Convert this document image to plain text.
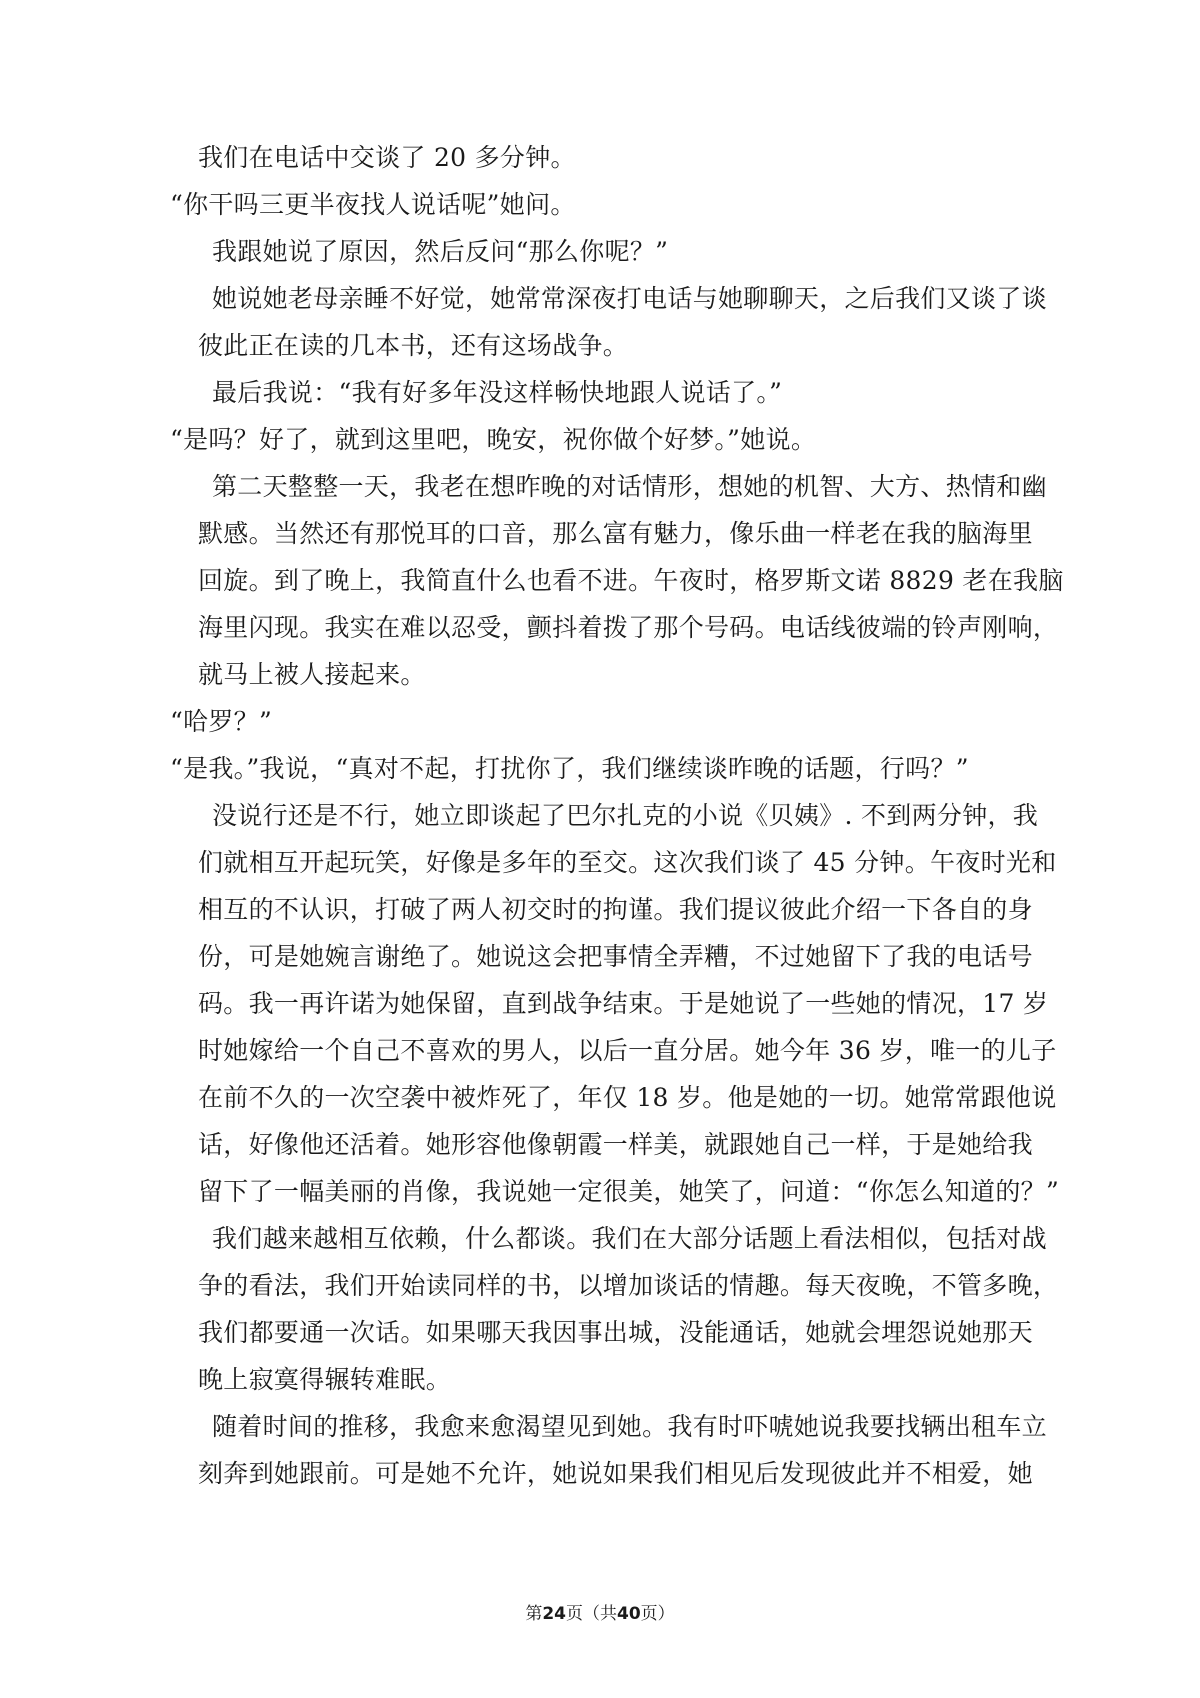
我们在电话中交谈了 20 多分钟。
“你干吗三更半夜找人说话呢”她问。
我跟她说了原因，然后反问“那么你呢？”
她说她老母亲睡不好觉，她常常深夜打电话与她聊聊天，之后我们又谈了谈
彼此正在读的几本书，还有这场战争。
最后我说：“我有好多年没这样畅快地跟人说话了。”
“是吗？好了，就到这里吧，晚安，祝你做个好梦。”她说。
第二天整整一天，我老在想昨晚的对话情形，想她的机智、大方、热情和幽
默感。当然还有那悦耳的口音，那么富有魅力，像乐曲一样老在我的脑海里
回旋。到了晚上，我简直什么也看不进。午夜时，格罗斯文诺 8829 老在我脑
海里闪现。我实在难以忍受，颤抖着拨了那个号码。电话线彼端的铃声刚响，
就马上被人接起来。
“哈罗？”
“是我。”我说，“真对不起，打扰你了，我们继续谈昨晚的话题，行吗？”
没说行还是不行，她立即谈起了巴尔扎克的小说《贝姨》. 不到两分钟，我
们就相互开起玩笑，好像是多年的至交。这次我们谈了 45 分钟。午夜时光和
相互的不认识，打破了两人初交时的拘谨。我们提议彼此介绍一下各自的身
份，可是她婉言谢绝了。她说这会把事情全弄糟，不过她留下了我的电话号
码。我一再许诺为她保留，直到战争结束。于是她说了一些她的情况，17 岁
时她嫁给一个自己不喜欢的男人，以后一直分居。她今年 36 岁，唯一的儿子
在前不久的一次空袭中被炸死了，年仅 18 岁。他是她的一切。她常常跟他说
话，好像他还活着。她形容他像朝霞一样美，就跟她自己一样，于是她给我
留下了一幅美丽的肖像，我说她一定很美，她笑了，问道：“你怎么知道的？”
我们越来越相互依赖，什么都谈。我们在大部分话题上看法相似，包括对战
争的看法，我们开始读同样的书，以增加谈话的情趣。每天夜晚，不管多晚，
我们都要通一次话。如果哪天我因事出城，没能通话，她就会埋怨说她那天
晚上寂寞得辗转难眠。
随着时间的推移，我愈来愈渴望见到她。我有时吓唬她说我要找辆出租车立
刻奔到她跟前。可是她不允许，她说如果我们相见后发现彼此并不相爱，她
第24页（共40页）
